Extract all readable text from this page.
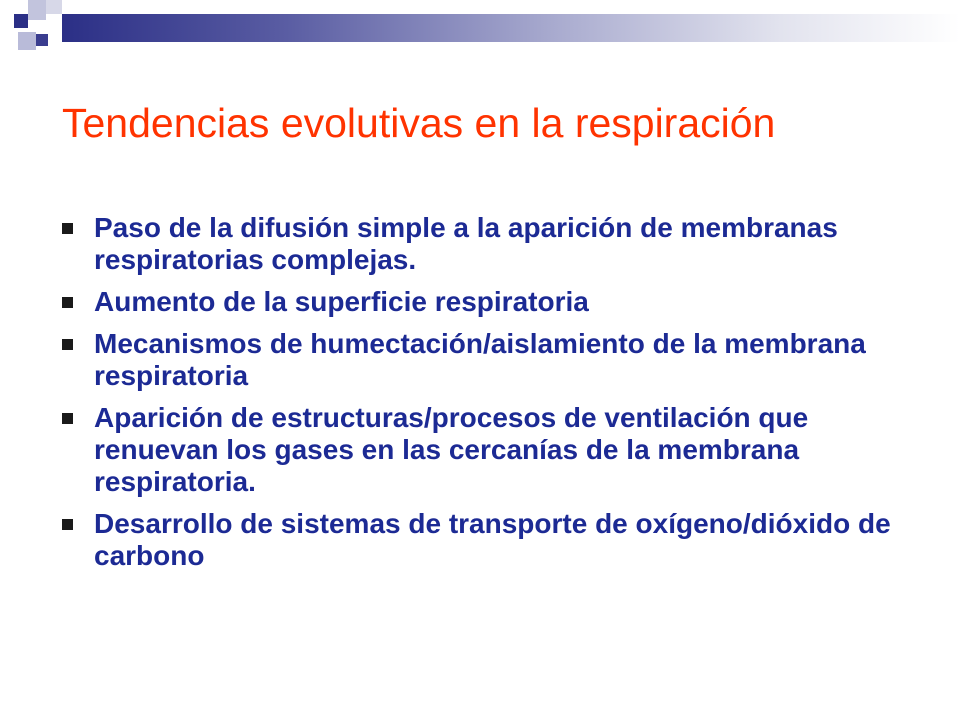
Tendencias evolutivas en la respiración
Paso de la difusión simple a la aparición de membranas respiratorias complejas.
Aumento de la superficie respiratoria
Mecanismos de humectación/aislamiento de la membrana respiratoria
Aparición de estructuras/procesos de ventilación que renuevan los gases en las cercanías de la membrana respiratoria.
Desarrollo de sistemas de transporte de oxígeno/dióxido de carbono
